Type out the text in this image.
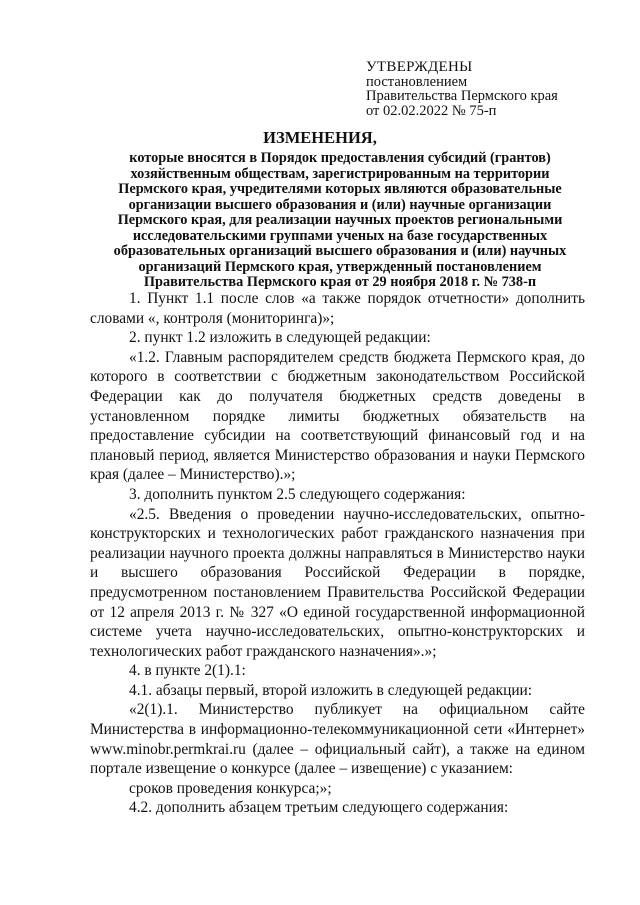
УТВЕРЖДЕНЫ
постановлением
Правительства Пермского края
от 02.02.2022 № 75-п
ИЗМЕНЕНИЯ,
которые вносятся в Порядок предоставления субсидий (грантов)
хозяйственным обществам, зарегистрированным на территории
Пермского края, учредителями которых являются образовательные
организации высшего образования и (или) научные организации
Пермского края, для реализации научных проектов региональными
исследовательскими группами ученых на базе государственных
образовательных организаций высшего образования и (или) научных
организаций Пермского края, утвержденный постановлением
Правительства Пермского края от 29 ноября 2018 г. № 738-п

1. Пункт 1.1 после слов «а также порядок отчетности» дополнить словами «, контроля (мониторинга)»;

2. пункт 1.2 изложить в следующей редакции:

«1.2. Главным распорядителем средств бюджета Пермского края, до которого в соответствии с бюджетным законодательством Российской Федерации как до получателя бюджетных средств доведены в установленном порядке лимиты бюджетных обязательств на предоставление субсидии на соответствующий финансовый год и на плановый период, является Министерство образования и науки Пермского края (далее – Министерство).»;

3. дополнить пунктом 2.5 следующего содержания:

«2.5. Введения о проведении научно-исследовательских, опытно-конструкторских и технологических работ гражданского назначения при реализации научного проекта должны направляться в Министерство науки и высшего образования Российской Федерации в порядке, предусмотренном постановлением Правительства Российской Федерации от 12 апреля 2013 г. № 327 «О единой государственной информационной системе учета научно-исследовательских, опытно-конструкторских и технологических работ гражданского назначения».»;

4. в пункте 2(1).1:

4.1. абзацы первый, второй изложить в следующей редакции:

«2(1).1. Министерство публикует на официальном сайте Министерства в информационно-телекоммуникационной сети «Интернет» www.minobr.permkrai.ru (далее – официальный сайт), а также на едином портале извещение о конкурсе (далее – извещение) с указанием:

сроков проведения конкурса;»;

4.2. дополнить абзацем третьим следующего содержания:
